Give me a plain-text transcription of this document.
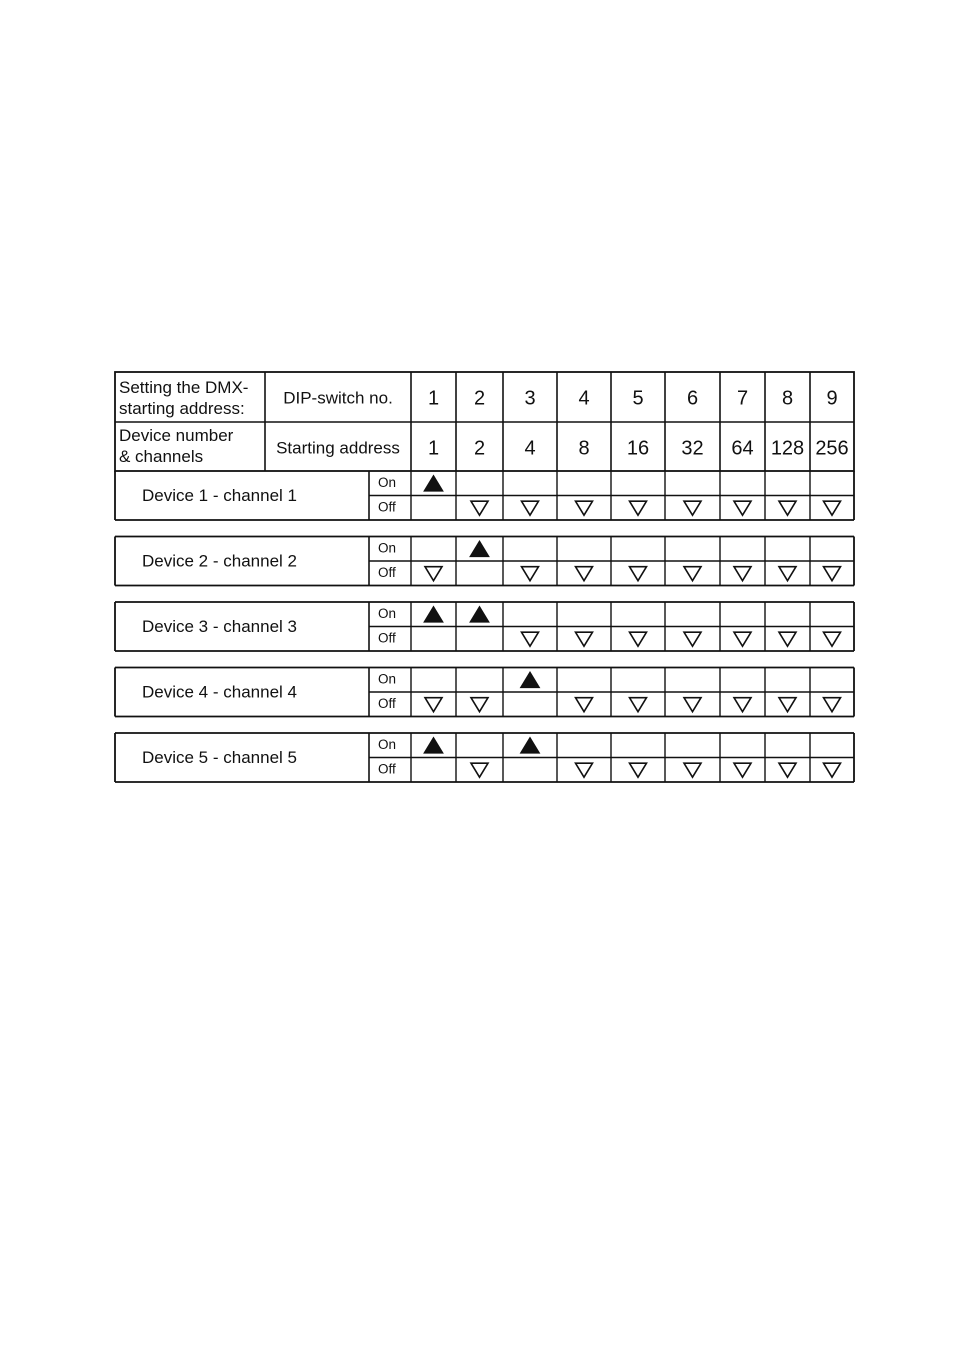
Setting the DMX-starting address:
DIP-switch no.
Device number & channels	Starting address
1 2 3 4 5 6 7 8 9
1 2 4 8 16 32 64 128 256
Device 1 - channel 1
On
Off
Device 2 - channel 2
On
Off
Device 3 - channel 3
On
Off
Device 4 - channel 4
On
Off
Device 5 - channel 5
On
Off
